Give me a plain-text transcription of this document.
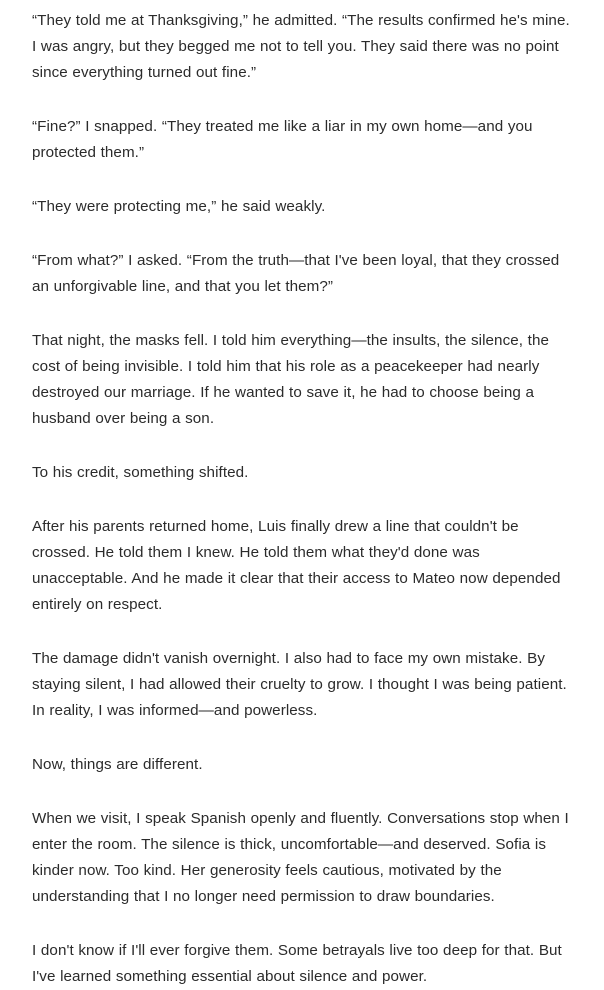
“They told me at Thanksgiving,” he admitted. “The results confirmed he's mine. I was angry, but they begged me not to tell you. They said there was no point since everything turned out fine.”

“Fine?” I snapped. “They treated me like a liar in my own home—and you protected them.”

“They were protecting me,” he said weakly.

“From what?” I asked. “From the truth—that I've been loyal, that they crossed an unforgivable line, and that you let them?”

That night, the masks fell. I told him everything—the insults, the silence, the cost of being invisible. I told him that his role as a peacekeeper had nearly destroyed our marriage. If he wanted to save it, he had to choose being a husband over being a son.

To his credit, something shifted.

After his parents returned home, Luis finally drew a line that couldn't be crossed. He told them I knew. He told them what they'd done was unacceptable. And he made it clear that their access to Mateo now depended entirely on respect.

The damage didn't vanish overnight. I also had to face my own mistake. By staying silent, I had allowed their cruelty to grow. I thought I was being patient. In reality, I was informed—and powerless.

Now, things are different.

When we visit, I speak Spanish openly and fluently. Conversations stop when I enter the room. The silence is thick, uncomfortable—and deserved. Sofia is kinder now. Too kind. Her generosity feels cautious, motivated by the understanding that I no longer need permission to draw boundaries.

I don't know if I'll ever forgive them. Some betrayals live too deep for that. But I've learned something essential about silence and power.
